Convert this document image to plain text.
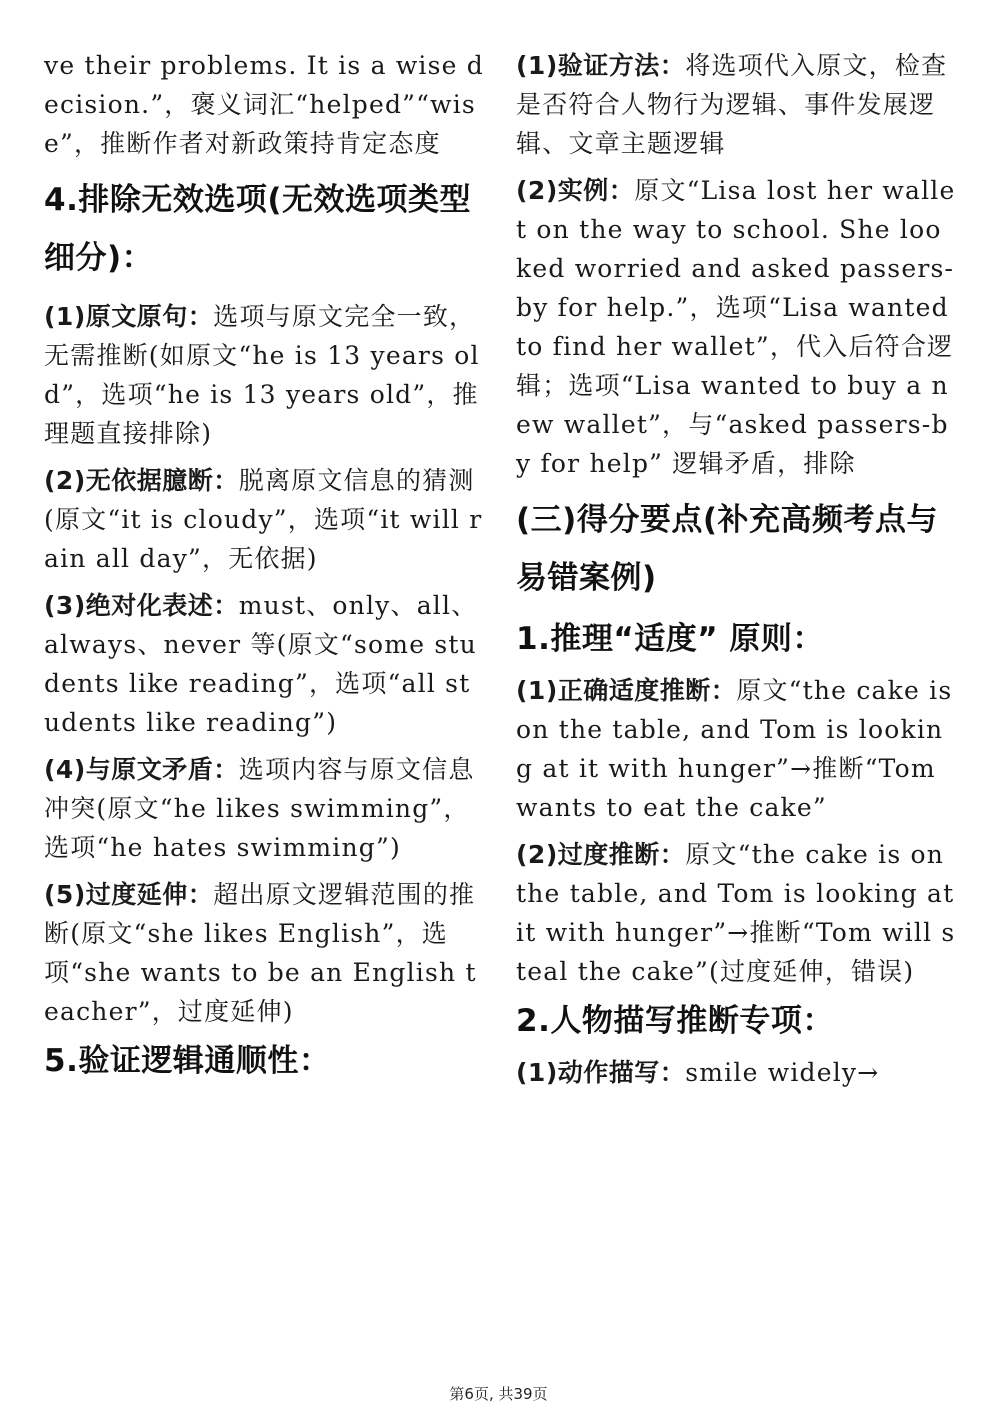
ve their problems. It is a wise decision.”，褒义词汇“helped”“wise”，推断作者对新政策持肯定态度

4.排除无效选项(无效选项类型细分)：

(1)原文原句：选项与原文完全一致，无需推断(如原文“he is 13 years old”，选项“he is 13 years old”，推理题直接排除)

(2)无依据臆断：脱离原文信息的猜测(原文“it is cloudy”，选项“it will rain all day”，无依据)

(3)绝对化表述：must、only、all、always、never 等(原文“some students like reading”，选项“all students like reading”)

(4)与原文矛盾：选项内容与原文信息冲突(原文“he likes swimming”，选项“he hates swimming”)

(5)过度延伸：超出原文逻辑范围的推断(原文“she likes English”，选项“she wants to be an English teacher”，过度延伸)

5.验证逻辑通顺性：

(1)验证方法：将选项代入原文，检查是否符合人物行为逻辑、事件发展逻辑、文章主题逻辑

(2)实例：原文“Lisa lost her wallet on the way to school. She looked worried and asked passers-by for help.”，选项“Lisa wanted to find her wallet”，代入后符合逻辑；选项“Lisa wanted to buy a new wallet”，与“asked passers-by for help” 逻辑矛盾，排除

(三)得分要点(补充高频考点与易错案例)
1.推理“适度” 原则：

(1)正确适度推断：原文“the cake is on the table, and Tom is looking at it with hunger”→推断“Tom wants to eat the cake”

(2)过度推断：原文“the cake is on the table, and Tom is looking at it with hunger”→推断“Tom will steal the cake”(过度延伸，错误)

2.人物描写推断专项：

(1)动作描写：smile widely→

第6页, 共39页
